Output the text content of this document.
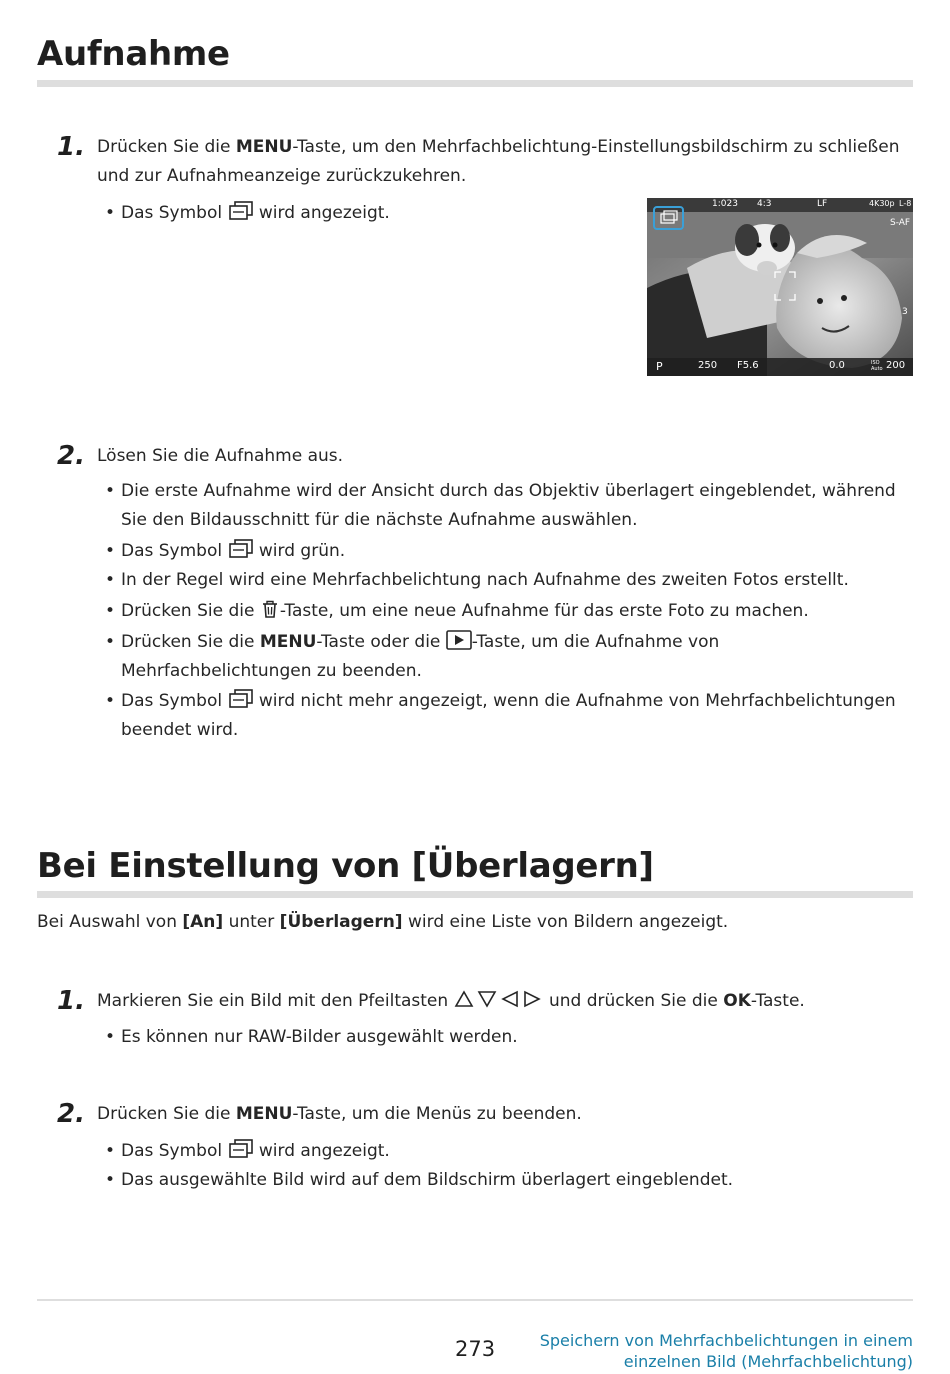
Aufnahme
1. Drücken Sie die MENU-Taste, um den Mehrfachbelichtung-Einstellungsbildschirm zu schließen
und zur Aufnahmeanzeige zurückzukehren.
• Das Symbol  wird angezeigt.	1:023 4:3	LF	4K30p L-8
S-AF
3
P	250 F5.6	0.0	ISO Auto 200
2. Lösen Sie die Aufnahme aus.
• Die erste Aufnahme wird der Ansicht durch das Objektiv überlagert eingeblendet, während
Sie den Bildausschnitt für die nächste Aufnahme auswählen.
• Das Symbol  wird grün.
• In der Regel wird eine Mehrfachbelichtung nach Aufnahme des zweiten Fotos erstellt.
• Drücken Sie die -Taste, um eine neue Aufnahme für das erste Foto zu machen.
• Drücken Sie die MENU-Taste oder die -Taste, um die Aufnahme von
Mehrfachbelichtungen zu beenden.
• Das Symbol  wird nicht mehr angezeigt, wenn die Aufnahme von Mehrfachbelichtungen
beendet wird.
Bei Einstellung von [Überlagern]
Bei Auswahl von [An] unter [Überlagern] wird eine Liste von Bildern angezeigt.
1. Markieren Sie ein Bild mit den Pfeiltasten	und drücken Sie die OK-Taste.
• Es können nur RAW-Bilder ausgewählt werden.
2. Drücken Sie die MENU-Taste, um die Menüs zu beenden.
• Das Symbol  wird angezeigt.
• Das ausgewählte Bild wird auf dem Bildschirm überlagert eingeblendet.
273	Speichern von Mehrfachbelichtungen in einem
einzelnen Bild (Mehrfachbelichtung)
